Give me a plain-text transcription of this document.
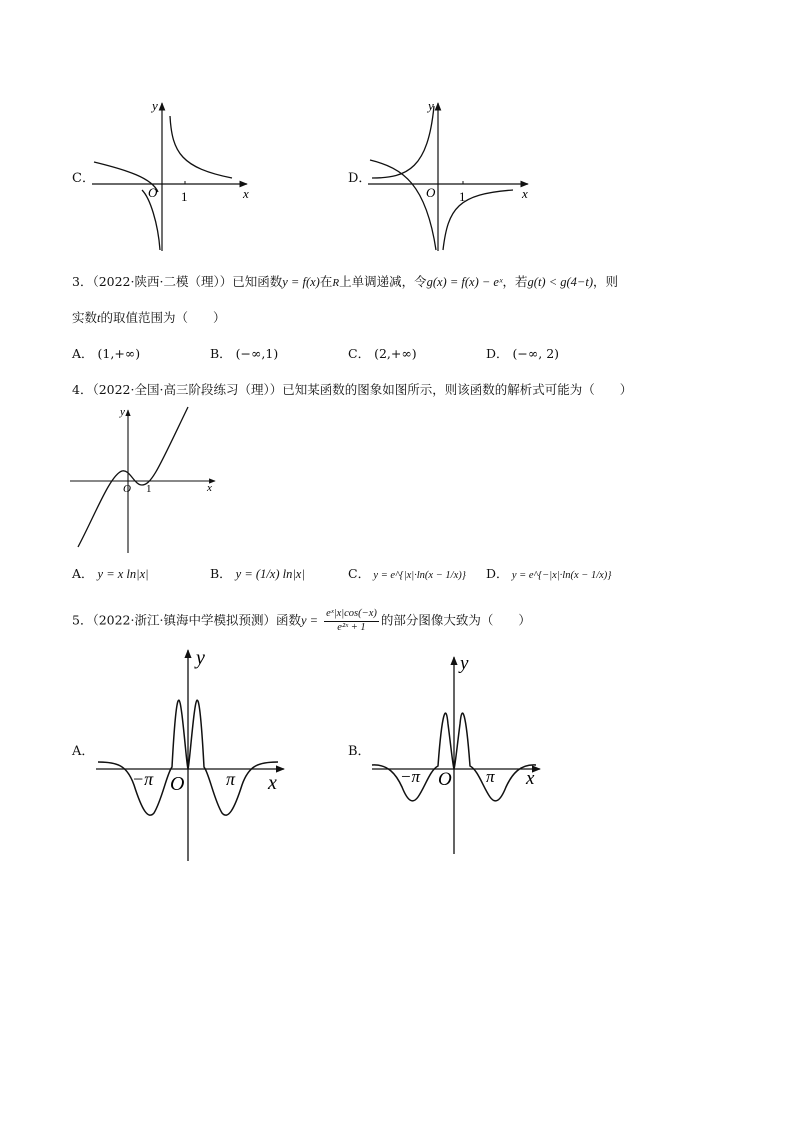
C．
y
x
O 1
D．
y
x
O 1
3．（2022·陕西·二模（理））已知函数y = f(x)在R上单调递减，令g(x) = f(x) − eˣ，若g(t) < g(4−t)，则
实数t的取值范围为（　　）
A． (1,+∞)	B． (−∞,1)	C． (2,+∞)	D． (−∞, 2)
4．（2022·全国·高三阶段练习（理））已知某函数的图象如图所示，则该函数的解析式可能为（　　）
y
x
O 1
A． y = x ln|x|	B． y = (1/x) ln|x|	C． y = e^{|x|·ln(x − 1/x)} D． y = e^{−|x|·ln(x − 1/x)}
5．（2022·浙江·镇海中学模拟预测）函数$y = \frac{\text{eˣ|x|cos(−x)}}{\text{e²ˣ + 1}}$ 的部分图像大致为（　　）
A．
y
x
O
−π	π
B．
y
x
O
−π	π
